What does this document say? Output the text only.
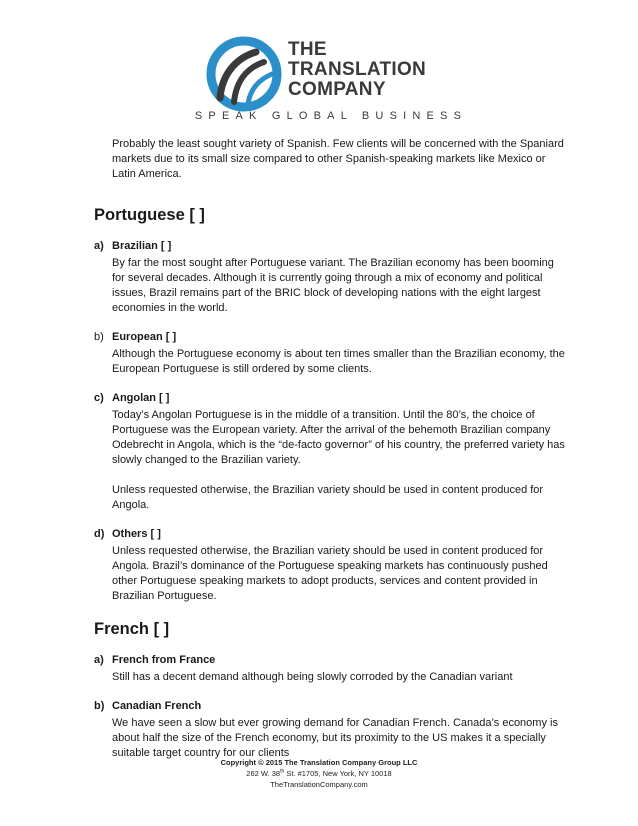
THE
TRANSLATION
COMPANY
SPEAK GLOBAL BUSINESS

Probably the least sought variety of Spanish. Few clients will be concerned with the Spaniard markets due to its small size compared to other Spanish-speaking markets like Mexico or Latin America.

Portuguese [ ]
a) Brazilian [ ]

By far the most sought after Portuguese variant. The Brazilian economy has been booming for several decades. Although it is currently going through a mix of economy and political issues, Brazil remains part of the BRIC block of developing nations with the eight largest economies in the world.

b) European [ ]

Although the Portuguese economy is about ten times smaller than the Brazilian economy, the European Portuguese is still ordered by some clients.

c) Angolan [ ]

Today’s Angolan Portuguese is in the middle of a transition. Until the 80’s, the choice of Portuguese was the European variety. After the arrival of the behemoth Brazilian company Odebrecht in Angola, which is the “de-facto governor” of his country, the preferred variety has slowly changed to the Brazilian variety.

Unless requested otherwise, the Brazilian variety should be used in content produced for Angola.

d) Others [ ]

Unless requested otherwise, the Brazilian variety should be used in content produced for Angola. Brazil’s dominance of the Portuguese speaking markets has continuously pushed other Portuguese speaking markets to adopt products, services and content provided in Brazilian Portuguese.

French [ ]
a) French from France

Still has a decent demand although being slowly corroded by the Canadian variant

b) Canadian French

We have seen a slow but ever growing demand for Canadian French. Canada’s economy is about half the size of the French economy, but its proximity to the US makes it a specially suitable target country for our clients

Copyright © 2015 The Translation Company Group LLC
262 W. 38th St. #1705, New York, NY 10018
TheTranslationCompany.com
